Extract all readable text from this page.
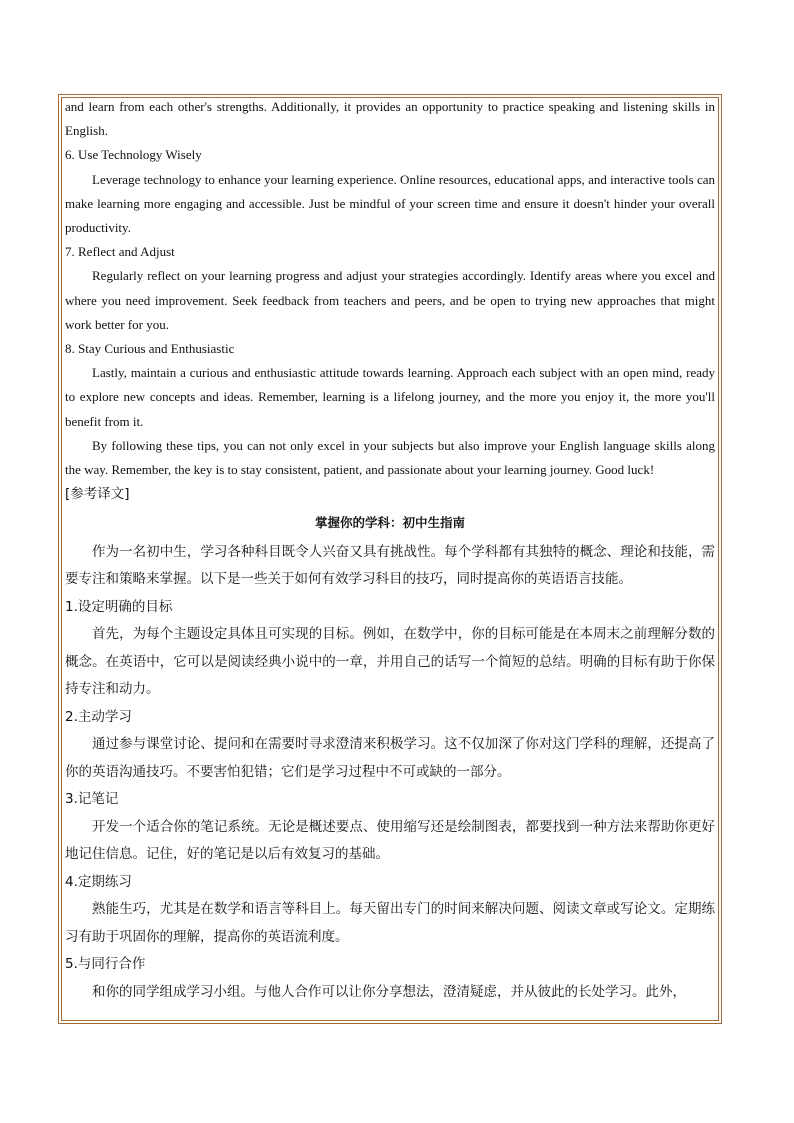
and learn from each other's strengths. Additionally, it provides an opportunity to practice speaking and listening skills in English.

6. Use Technology Wisely

Leverage technology to enhance your learning experience. Online resources, educational apps, and interactive tools can make learning more engaging and accessible. Just be mindful of your screen time and ensure it doesn't hinder your overall productivity.

7. Reflect and Adjust

Regularly reflect on your learning progress and adjust your strategies accordingly. Identify areas where you excel and where you need improvement. Seek feedback from teachers and peers, and be open to trying new approaches that might work better for you.

8. Stay Curious and Enthusiastic

Lastly, maintain a curious and enthusiastic attitude towards learning. Approach each subject with an open mind, ready to explore new concepts and ideas. Remember, learning is a lifelong journey, and the more you enjoy it, the more you'll benefit from it.

By following these tips, you can not only excel in your subjects but also improve your English language skills along the way. Remember, the key is to stay consistent, patient, and passionate about your learning journey. Good luck!

[参考译文]
掌握你的学科：初中生指南

作为一名初中生，学习各种科目既令人兴奋又具有挑战性。每个学科都有其独特的概念、理论和技能，需要专注和策略来掌握。以下是一些关于如何有效学习科目的技巧，同时提高你的英语语言技能。

1.设定明确的目标

首先，为每个主题设定具体且可实现的目标。例如，在数学中，你的目标可能是在本周末之前理解分数的概念。在英语中，它可以是阅读经典小说中的一章，并用自己的话写一个简短的总结。明确的目标有助于你保持专注和动力。

2.主动学习

通过参与课堂讨论、提问和在需要时寻求澄清来积极学习。这不仅加深了你对这门学科的理解，还提高了你的英语沟通技巧。不要害怕犯错；它们是学习过程中不可或缺的一部分。

3.记笔记

开发一个适合你的笔记系统。无论是概述要点、使用缩写还是绘制图表，都要找到一种方法来帮助你更好地记住信息。记住，好的笔记是以后有效复习的基础。

4.定期练习

熟能生巧，尤其是在数学和语言等科目上。每天留出专门的时间来解决问题、阅读文章或写论文。定期练习有助于巩固你的理解，提高你的英语流利度。

5.与同行合作

和你的同学组成学习小组。与他人合作可以让你分享想法，澄清疑虑，并从彼此的长处学习。此外，
